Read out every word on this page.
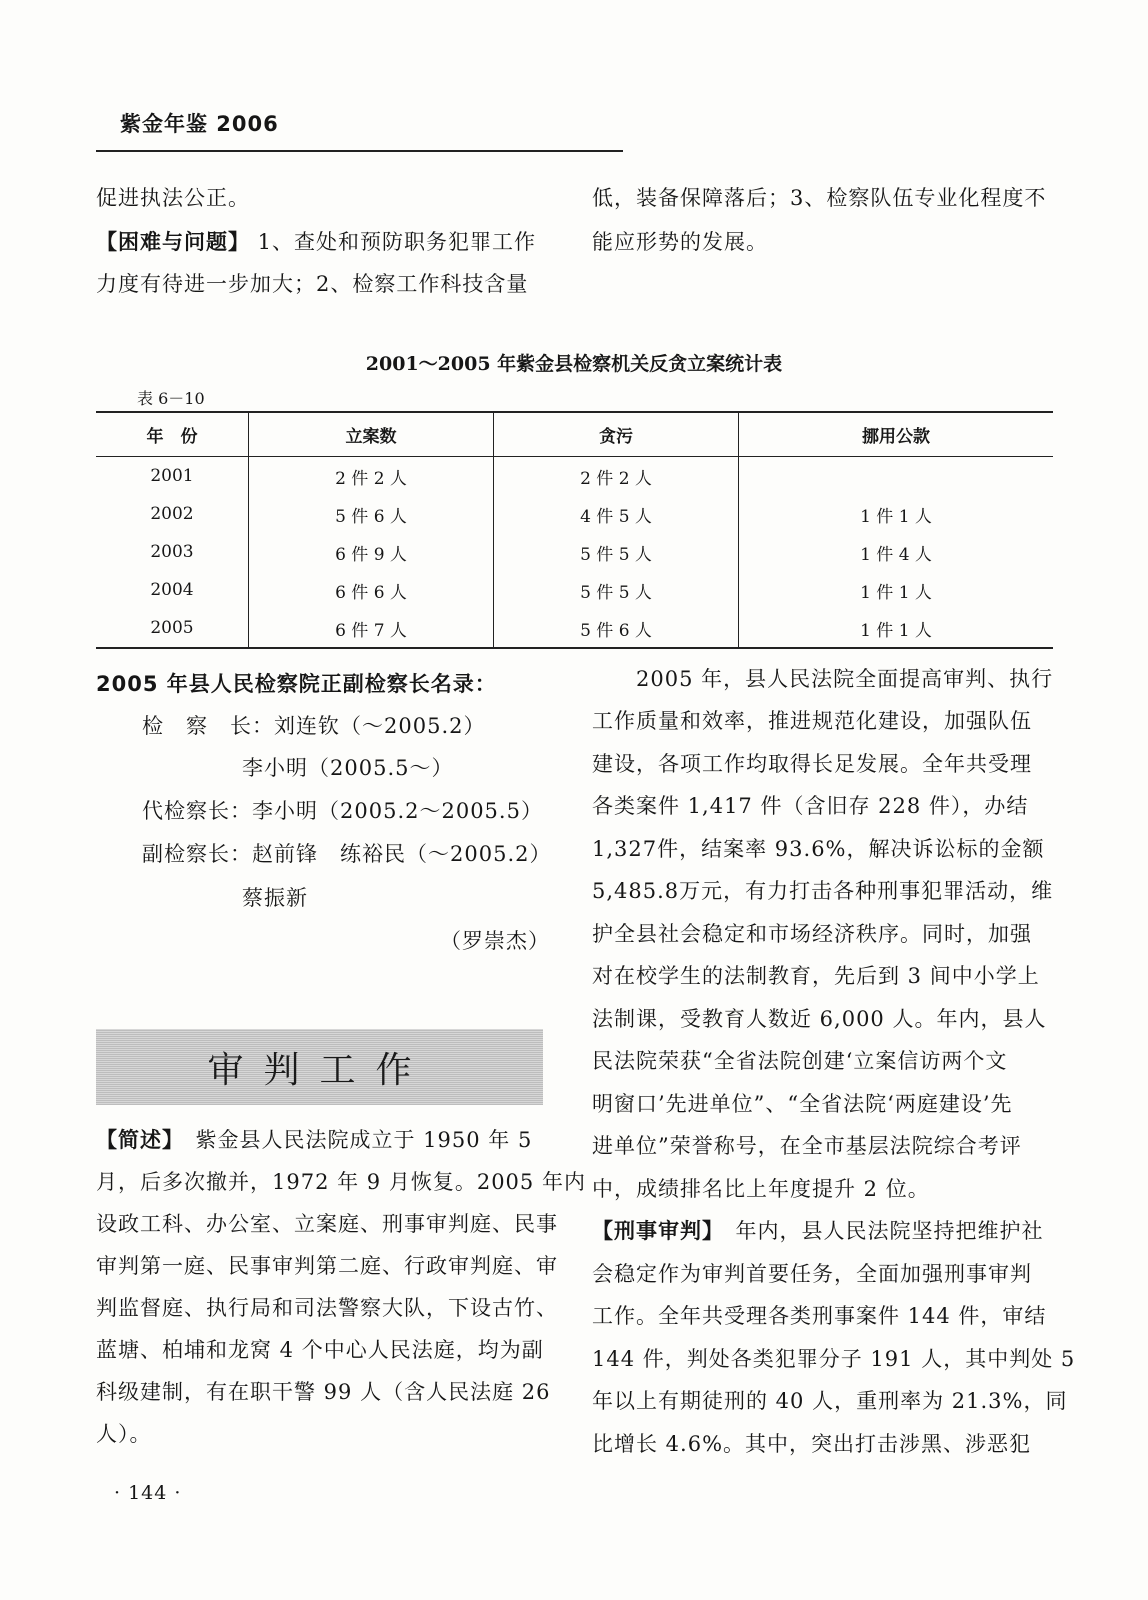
紫金年鉴 2006
促进执法公正。
【困难与问题】 1、查处和预防职务犯罪工作
力度有待进一步加大；2、检察工作科技含量
低，装备保障落后；3、检察队伍专业化程度不
能应形势的发展。
2001～2005 年紫金县检察机关反贪立案统计表
表 6－10
年　份	立案数	贪污	挪用公款
2001	2 件 2 人	2 件 2 人	
2002	5 件 6 人	4 件 5 人	1 件 1 人
2003	6 件 9 人	5 件 5 人	1 件 4 人
2004	6 件 6 人	5 件 5 人	1 件 1 人
2005	6 件 7 人	5 件 6 人	1 件 1 人
2005 年县人民检察院正副检察长名录：
检　察　长：刘连钦（～2005.2）
李小明（2005.5～）
代检察长：李小明（2005.2～2005.5）
副检察长：赵前锋　练裕民（～2005.2）
蔡振新
（罗崇杰）
审判工作
【简述】　紫金县人民法院成立于 1950 年 5
月，后多次撤并，1972 年 9 月恢复。2005 年内
设政工科、办公室、立案庭、刑事审判庭、民事
审判第一庭、民事审判第二庭、行政审判庭、审
判监督庭、执行局和司法警察大队，下设古竹、
蓝塘、柏埔和龙窝 4 个中心人民法庭，均为副
科级建制，有在职干警 99 人（含人民法庭 26
人）。
　　2005 年，县人民法院全面提高审判、执行
工作质量和效率，推进规范化建设，加强队伍
建设，各项工作均取得长足发展。全年共受理
各类案件 1,417 件（含旧存 228 件），办结
1,327件，结案率 93.6%，解决诉讼标的金额
5,485.8万元，有力打击各种刑事犯罪活动，维
护全县社会稳定和市场经济秩序。同时，加强
对在校学生的法制教育，先后到 3 间中小学上
法制课，受教育人数近 6,000 人。年内，县人
民法院荣获“全省法院创建‘立案信访两个文
明窗口’先进单位”、“全省法院‘两庭建设’先
进单位”荣誉称号，在全市基层法院综合考评
中，成绩排名比上年度提升 2 位。
【刑事审判】　年内，县人民法院坚持把维护社
会稳定作为审判首要任务，全面加强刑事审判
工作。全年共受理各类刑事案件 144 件，审结
144 件，判处各类犯罪分子 191 人，其中判处 5
年以上有期徒刑的 40 人，重刑率为 21.3%，同
比增长 4.6%。其中，突出打击涉黑、涉恶犯
· 144 ·
